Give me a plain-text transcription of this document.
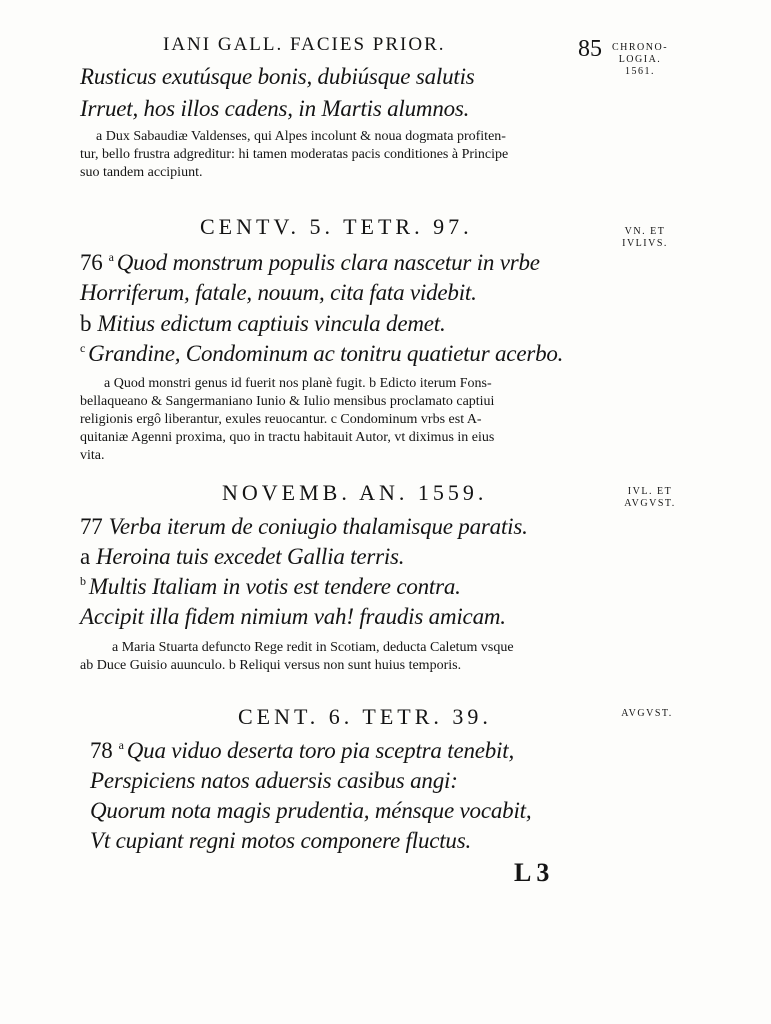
IANI GALL. FACIES PRIOR.	85 CHRONO-
LOGIA.
1561.
Rusticus exutúsque bonis, dubiúsque salutis
Irruet, hos illos cadens, in Martis alumnos.
a Dux Sabaudiæ Valdenses, qui Alpes incolunt & noua dogmata profiten-
tur, bello frustra adgreditur: hi tamen moderatas pacis conditiones à Principe
suo tandem accipiunt.
CENTV. 5. TETR. 97.	VN. ET
IVLIVS.
76 $^a$ Quod monstrum populis clara nascetur in vrbe
Horriferum, fatale, nouum, cita fata videbit.
b Mitius edictum captiuis vincula demet.
$^c$ Grandine, Condominum ac tonitru quatietur acerbo.
a Quod monstri genus id fuerit nos planè fugit. b Edicto iterum Fons-
bellaqueano & Sangermaniano Iunio & Iulio mensibus proclamato captiui
religionis ergô liberantur, exules reuocantur. c Condominum vrbs est A-
quitaniæ Agenni proxima, quo in tractu habitauit Autor, vt diximus in eius
vita.
NOVEMB. AN. 1559.	IVL. ET
AVGVST.
77 Verba iterum de coniugio thalamisque paratis.
a Heroina tuis excedet Gallia terris.
$^b$ Multis Italiam in votis est tendere contra.
Accipit illa fidem nimium vah! fraudis amicam.
a Maria Stuarta defuncto Rege redit in Scotiam, deducta Caletum vsque
ab Duce Guisio auunculo. b Reliqui versus non sunt huius temporis.
CENT. 6. TETR. 39.	AVGVST.
78 $^a$ Qua viduo deserta toro pia sceptra tenebit,
Perspiciens natos aduersis casibus angi:
Quorum nota magis prudentia, ménsque vocabit,
Vt cupiant regni motos componere fluctus.
L 3
